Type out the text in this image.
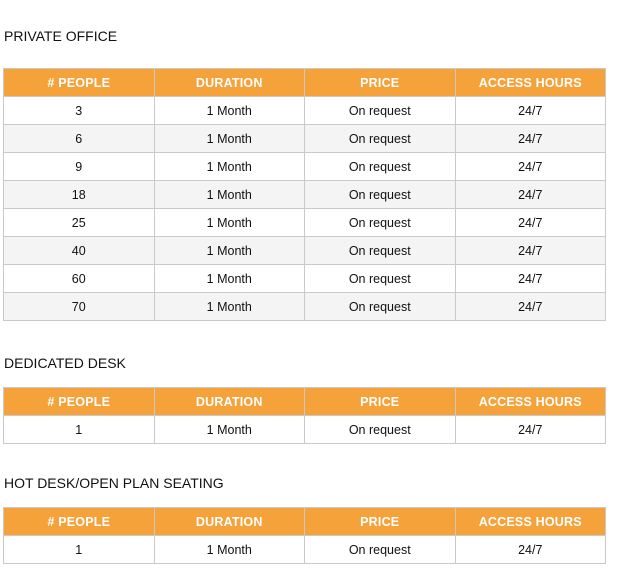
PRIVATE OFFICE
# PEOPLE	DURATION	PRICE	ACCESS HOURS
3	1 Month	On request	24/7
6	1 Month	On request	24/7
9	1 Month	On request	24/7
18	1 Month	On request	24/7
25	1 Month	On request	24/7
40	1 Month	On request	24/7
60	1 Month	On request	24/7
70	1 Month	On request	24/7
DEDICATED DESK
# PEOPLE	DURATION	PRICE	ACCESS HOURS
1	1 Month	On request	24/7
HOT DESK/OPEN PLAN SEATING
# PEOPLE	DURATION	PRICE	ACCESS HOURS
1	1 Month	On request	24/7
